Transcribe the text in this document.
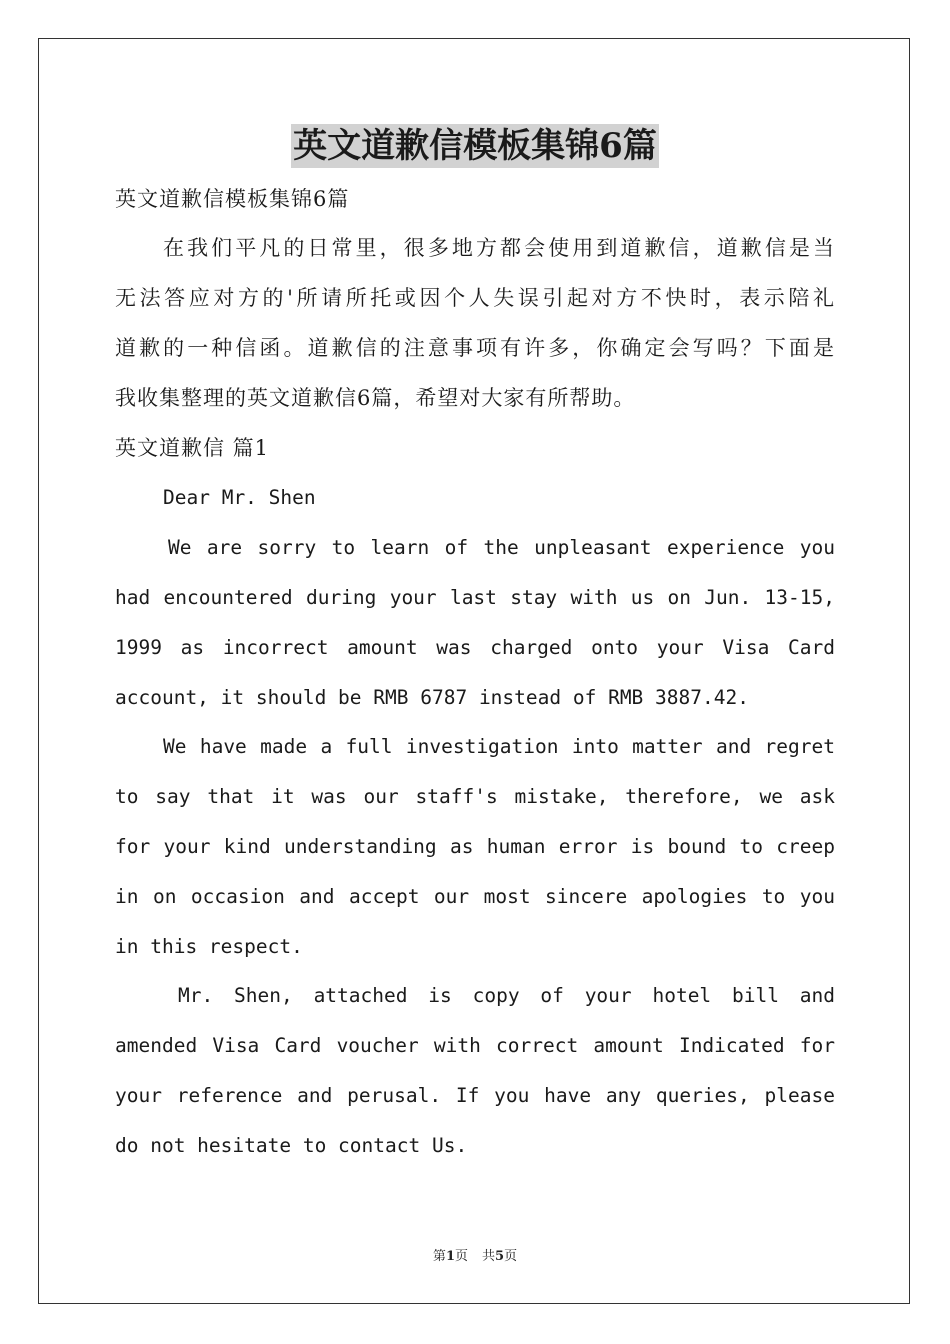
英文道歉信模板集锦6篇

英文道歉信模板集锦6篇

在我们平凡的日常里，很多地方都会使用到道歉信，道歉信是当

无法答应对方的'所请所托或因个人失误引起对方不快时，表示陪礼

道歉的一种信函。道歉信的注意事项有许多，你确定会写吗？下面是

我收集整理的英文道歉信6篇，希望对大家有所帮助。

英文道歉信 篇1

Dear Mr. Shen

We are sorry to learn of the unpleasant experience you

had encountered during your last stay with us on Jun. 13-15,

1999 as incorrect amount was charged onto your Visa Card

account, it should be RMB 6787 instead of RMB 3887.42.

We have made a full investigation into matter and regret

to say that it was our staff's mistake, therefore, we ask

for your kind understanding as human error is bound to creep

in on occasion and accept our most sincere apologies to you

in this respect.

Mr. Shen, attached is copy of your hotel bill and

amended Visa Card voucher with correct amount Indicated for

your reference and perusal. If you have any queries, please

do not hesitate to contact Us.

第1页 共5页
